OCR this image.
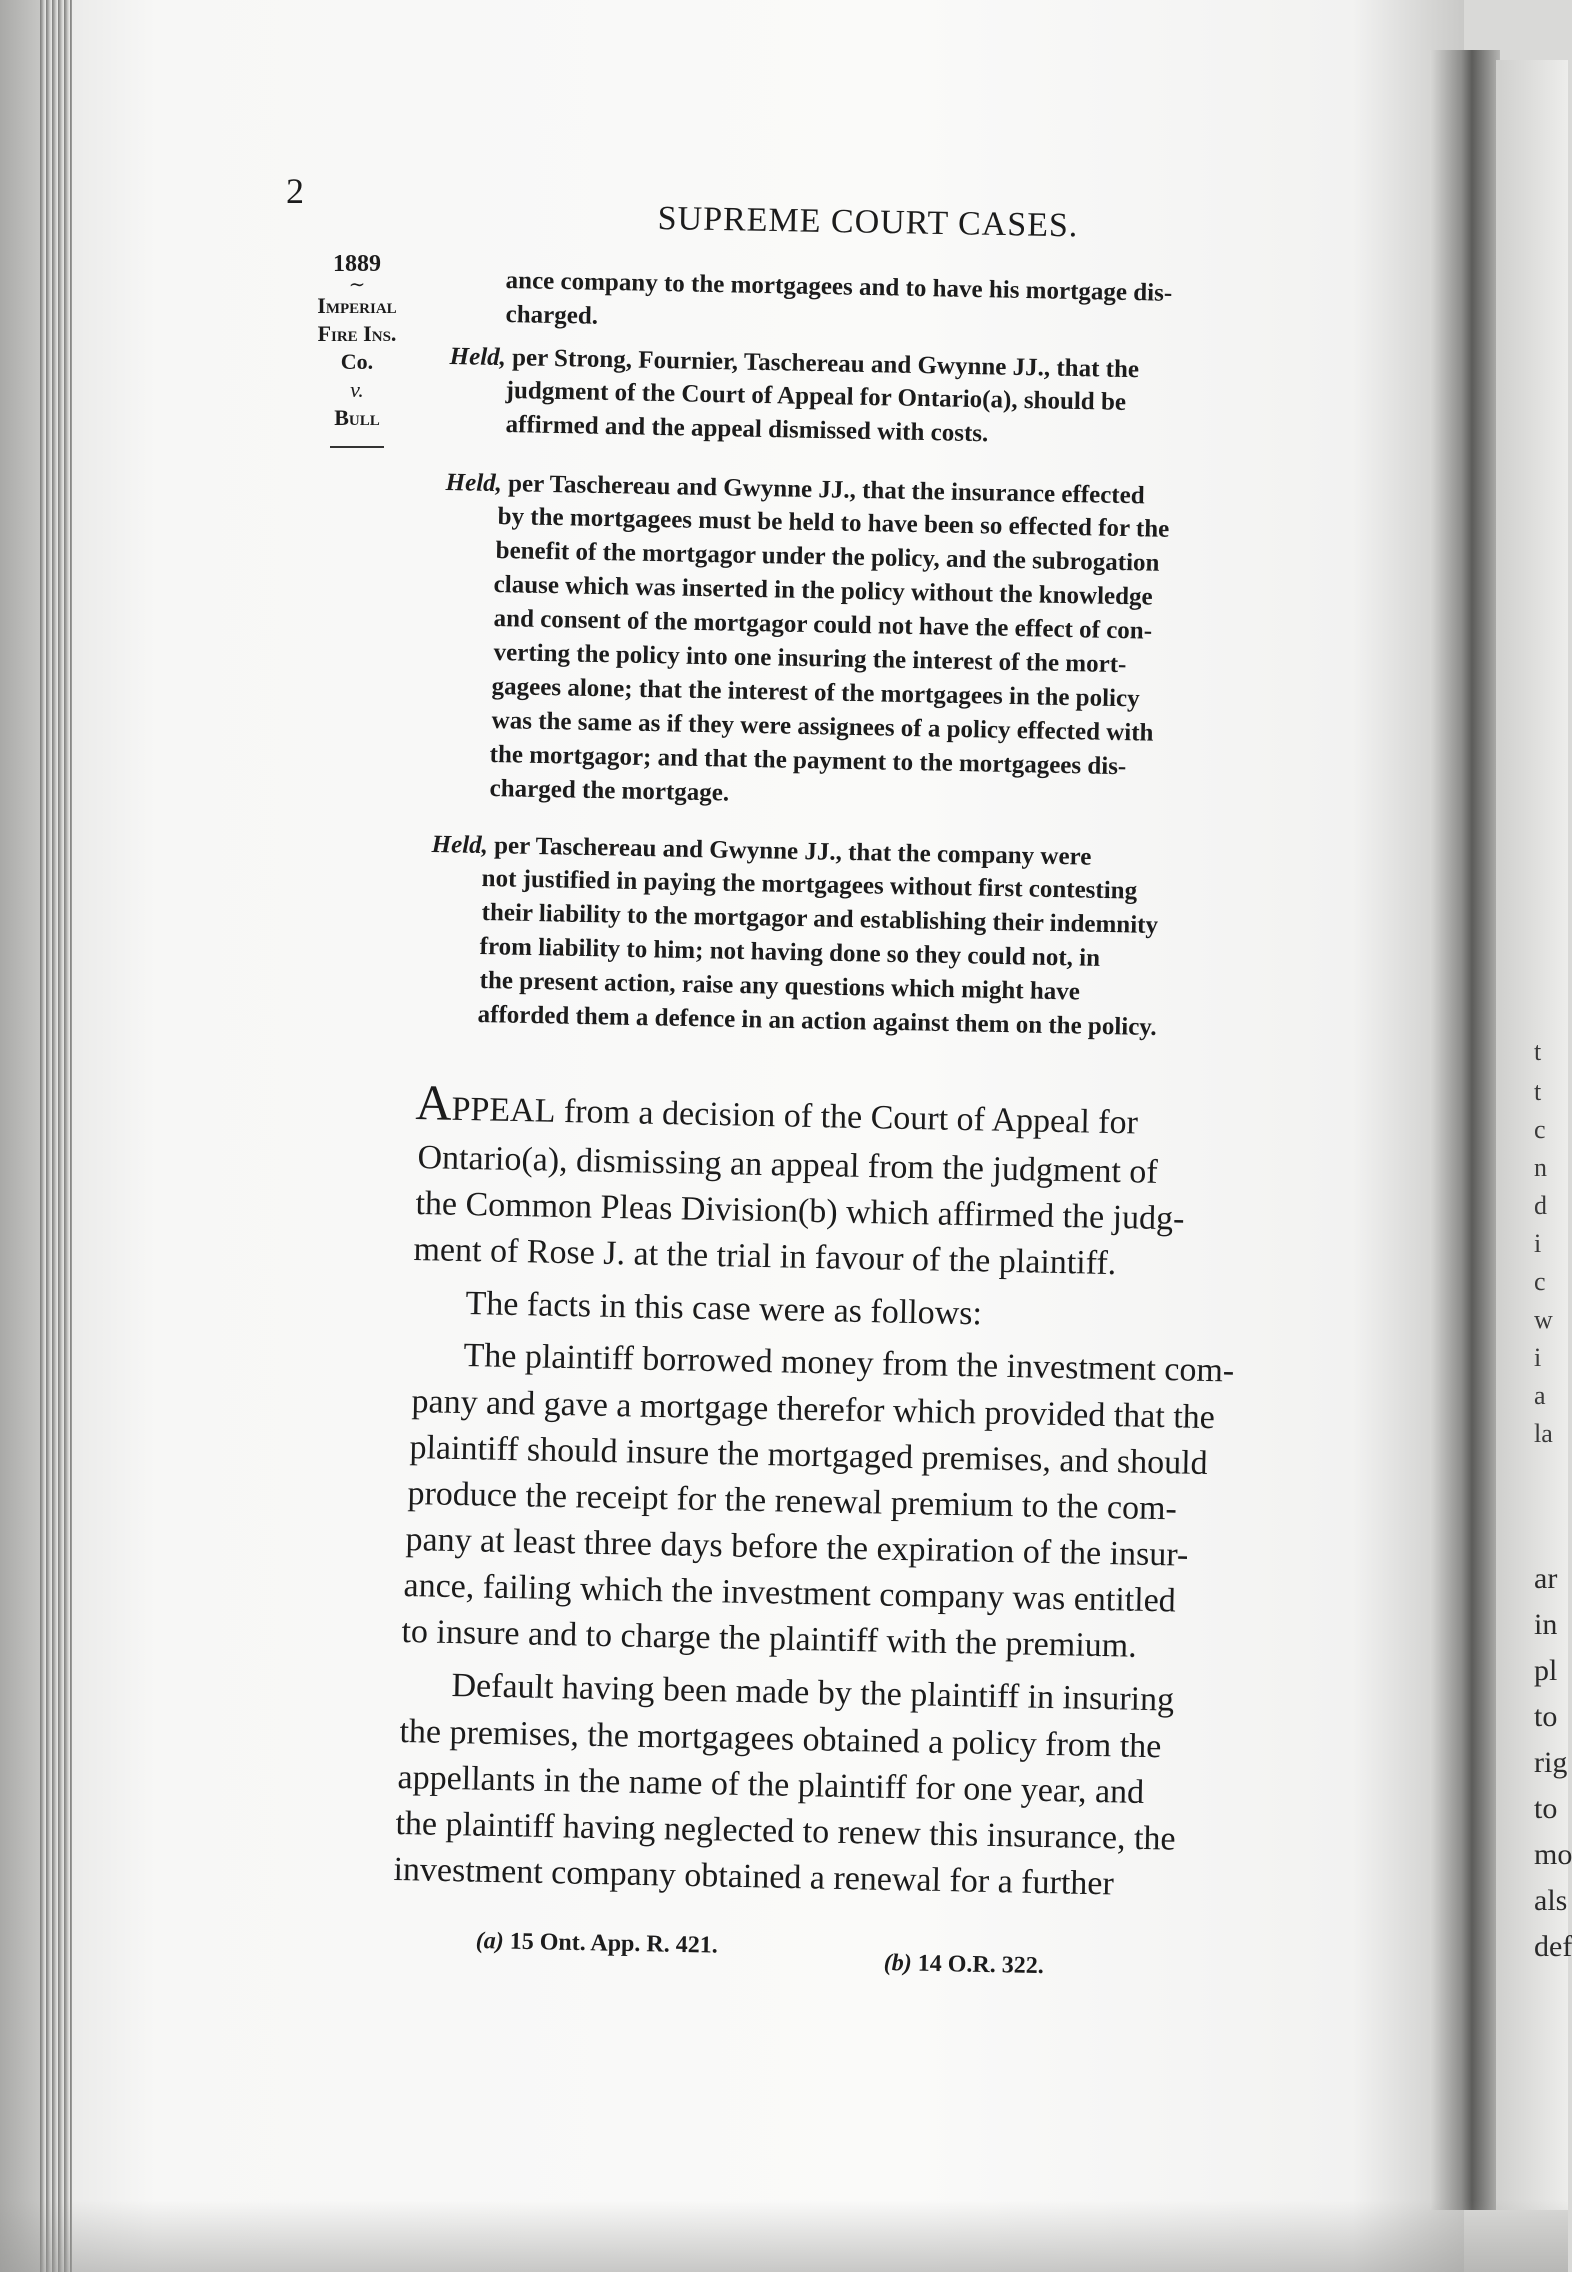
2
SUPREME COURT CASES.
1889
∼
Imperial
Fire Ins.
Co.
v.
Bull
ance company to the mortgagees and to have his mortgage dis-
charged.
Held, per Strong, Fournier, Taschereau and Gwynne JJ., that the
judgment of the Court of Appeal for Ontario(a), should be
affirmed and the appeal dismissed with costs.
Held, per Taschereau and Gwynne JJ., that the insurance effected
by the mortgagees must be held to have been so effected for the
benefit of the mortgagor under the policy, and the subrogation
clause which was inserted in the policy without the knowledge
and consent of the mortgagor could not have the effect of con-
verting the policy into one insuring the interest of the mort-
gagees alone; that the interest of the mortgagees in the policy
was the same as if they were assignees of a policy effected with
the mortgagor; and that the payment to the mortgagees dis-
charged the mortgage.
Held, per Taschereau and Gwynne JJ., that the company were
not justified in paying the mortgagees without first contesting
their liability to the mortgagor and establishing their indemnity
from liability to him; not having done so they could not, in
the present action, raise any questions which might have
afforded them a defence in an action against them on the policy.
APPEAL from a decision of the Court of Appeal for
Ontario(a), dismissing an appeal from the judgment of
the Common Pleas Division(b) which affirmed the judg-
ment of Rose J. at the trial in favour of the plaintiff.
The facts in this case were as follows:
The plaintiff borrowed money from the investment com-
pany and gave a mortgage therefor which provided that the
plaintiff should insure the mortgaged premises, and should
produce the receipt for the renewal premium to the com-
pany at least three days before the expiration of the insur-
ance, failing which the investment company was entitled
to insure and to charge the plaintiff with the premium.
Default having been made by the plaintiff in insuring
the premises, the mortgagees obtained a policy from the
appellants in the name of the plaintiff for one year, and
the plaintiff having neglected to renew this insurance, the
investment company obtained a renewal for a further
(a) 15 Ont. App. R. 421.
(b) 14 O.R. 322.
t
t
c
n
d
i
c
w
i
a
la
ar
in
pl
to
rig
to
mo
als
def
